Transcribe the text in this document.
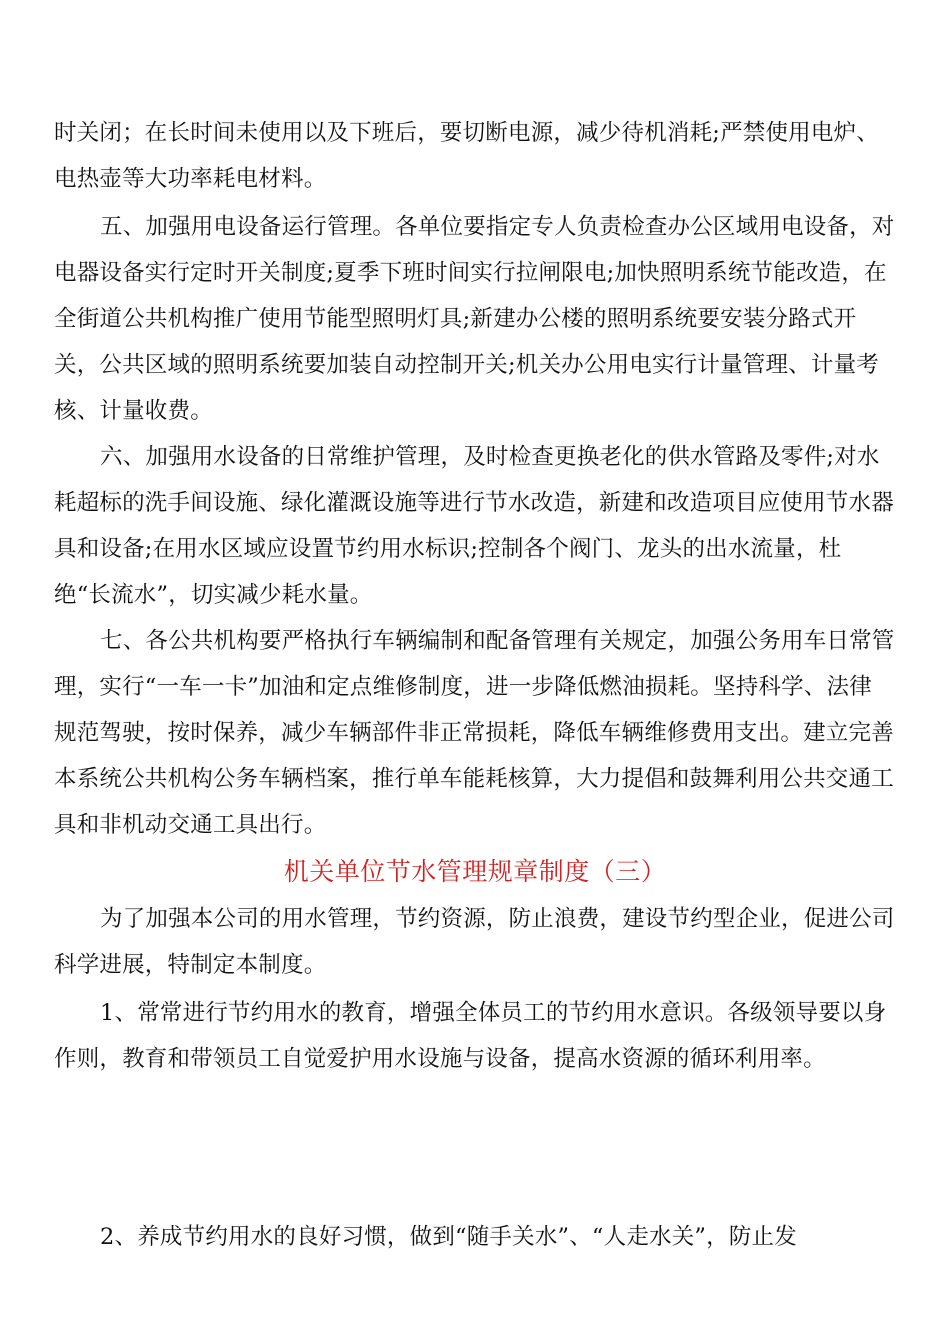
时关闭；在长时间未使用以及下班后，要切断电源，减少待机消耗;严禁使用电炉、
电热壶等大功率耗电材料。
五、加强用电设备运行管理。各单位要指定专人负责检查办公区域用电设备，对
电器设备实行定时开关制度;夏季下班时间实行拉闸限电;加快照明系统节能改造，在
全街道公共机构推广使用节能型照明灯具;新建办公楼的照明系统要安装分路式开
关，公共区域的照明系统要加装自动控制开关;机关办公用电实行计量管理、计量考
核、计量收费。
六、加强用水设备的日常维护管理，及时检查更换老化的供水管路及零件;对水
耗超标的洗手间设施、绿化灌溉设施等进行节水改造，新建和改造项目应使用节水器
具和设备;在用水区域应设置节约用水标识;控制各个阀门、龙头的出水流量，杜
绝“长流水”，切实减少耗水量。
七、各公共机构要严格执行车辆编制和配备管理有关规定，加强公务用车日常管
理，实行“一车一卡”加油和定点维修制度，进一步降低燃油损耗。坚持科学、法律
规范驾驶，按时保养，减少车辆部件非正常损耗，降低车辆维修费用支出。建立完善
本系统公共机构公务车辆档案，推行单车能耗核算，大力提倡和鼓舞利用公共交通工
具和非机动交通工具出行。
机关单位节水管理规章制度（三）
为了加强本公司的用水管理，节约资源，防止浪费，建设节约型企业，促进公司
科学进展，特制定本制度。
1、常常进行节约用水的教育，增强全体员工的节约用水意识。各级领导要以身
作则，教育和带领员工自觉爱护用水设施与设备，提高水资源的循环利用率。
2、养成节约用水的良好习惯，做到“随手关水”、“人走水关”，防止发
